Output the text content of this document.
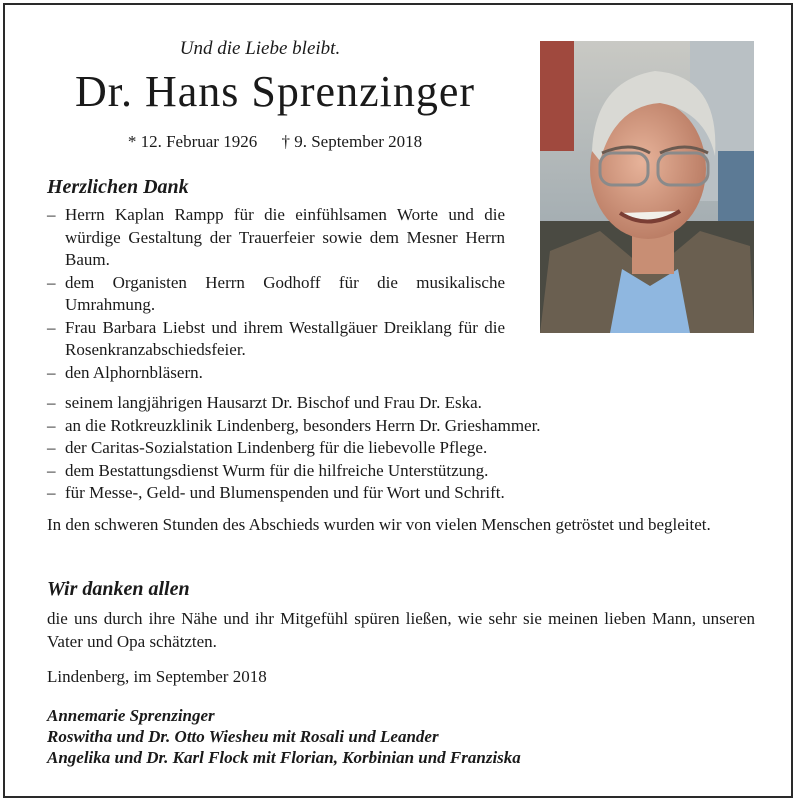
Und die Liebe bleibt.
Dr. Hans Sprenzinger
* 12. Februar 1926 † 9. September 2018
Herzlichen Dank
– Herrn Kaplan Rampp für die einfühlsamen Worte und die würdige Gestaltung der Trauerfeier sowie dem Mesner Herrn Baum.
– dem Organisten Herrn Godhoff für die musikalische Umrahmung.
– Frau Barbara Liebst und ihrem Westallgäuer Dreiklang für die Rosenkranzabschiedsfeier.
– den Alphornbläsern.
– seinem langjährigen Hausarzt Dr. Bischof und Frau Dr. Eska.
– an die Rotkreuzklinik Lindenberg, besonders Herrn Dr. Grieshammer.
– der Caritas-Sozialstation Lindenberg für die liebevolle Pflege.
– dem Bestattungsdienst Wurm für die hilfreiche Unterstützung.
– für Messe-, Geld- und Blumenspenden und für Wort und Schrift.

In den schweren Stunden des Abschieds wurden wir von vielen Menschen getröstet und begleitet.

Wir danken allen

die uns durch ihre Nähe und ihr Mitgefühl spüren ließen, wie sehr sie meinen lieben Mann, unseren Vater und Opa schätzten.

Lindenberg, im September 2018

Annemarie Sprenzinger
Roswitha und Dr. Otto Wiesheu mit Rosali und Leander
Angelika und Dr. Karl Flock mit Florian, Korbinian und Franziska
